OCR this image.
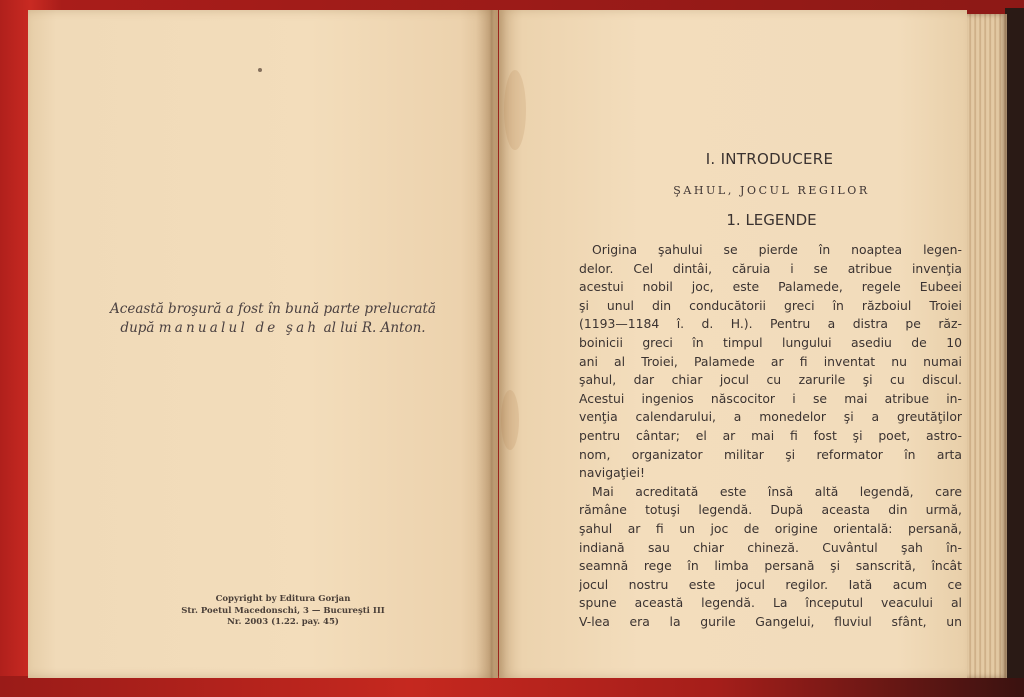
Această broşură a fost în bună parte prelucrată
după manualul de şah al lui R. Anton.
Copyright by Editura Gorjan
Str. Poetul Macedonschi, 3 — Bucureşti III
Nr. 2003 (1.22. pay. 45)
I. INTRODUCERE
ŞAHUL, JOCUL REGILOR
1. LEGENDE
Origina şahului se pierde în noaptea legen-
delor. Cel dintâi, căruia i se atribue invenţia
acestui nobil joc, este Palamede, regele Eubeei
şi unul din conducătorii greci în războiul Troiei
(1193—1184 î. d. H.). Pentru a distra pe răz-
boinicii greci în timpul lungului asediu de 10
ani al Troiei, Palamede ar fi inventat nu numai
şahul, dar chiar jocul cu zarurile şi cu discul.
Acestui ingenios născocitor i se mai atribue in-
venţia calendarului, a monedelor şi a greutăţilor
pentru cântar; el ar mai fi fost şi poet, astro-
nom, organizator militar şi reformator în arta
navigaţiei!
Mai acreditată este însă altă legendă, care
rămâne totuşi legendă. După aceasta din urmă,
şahul ar fi un joc de origine orientală: persană,
indiană sau chiar chineză. Cuvântul şah în-
seamnă rege în limba persană şi sanscrită, încât
jocul nostru este jocul regilor. Iată acum ce
spune această legendă. La începutul veacului al
V-lea era la gurile Gangelui, fluviul sfânt, un
